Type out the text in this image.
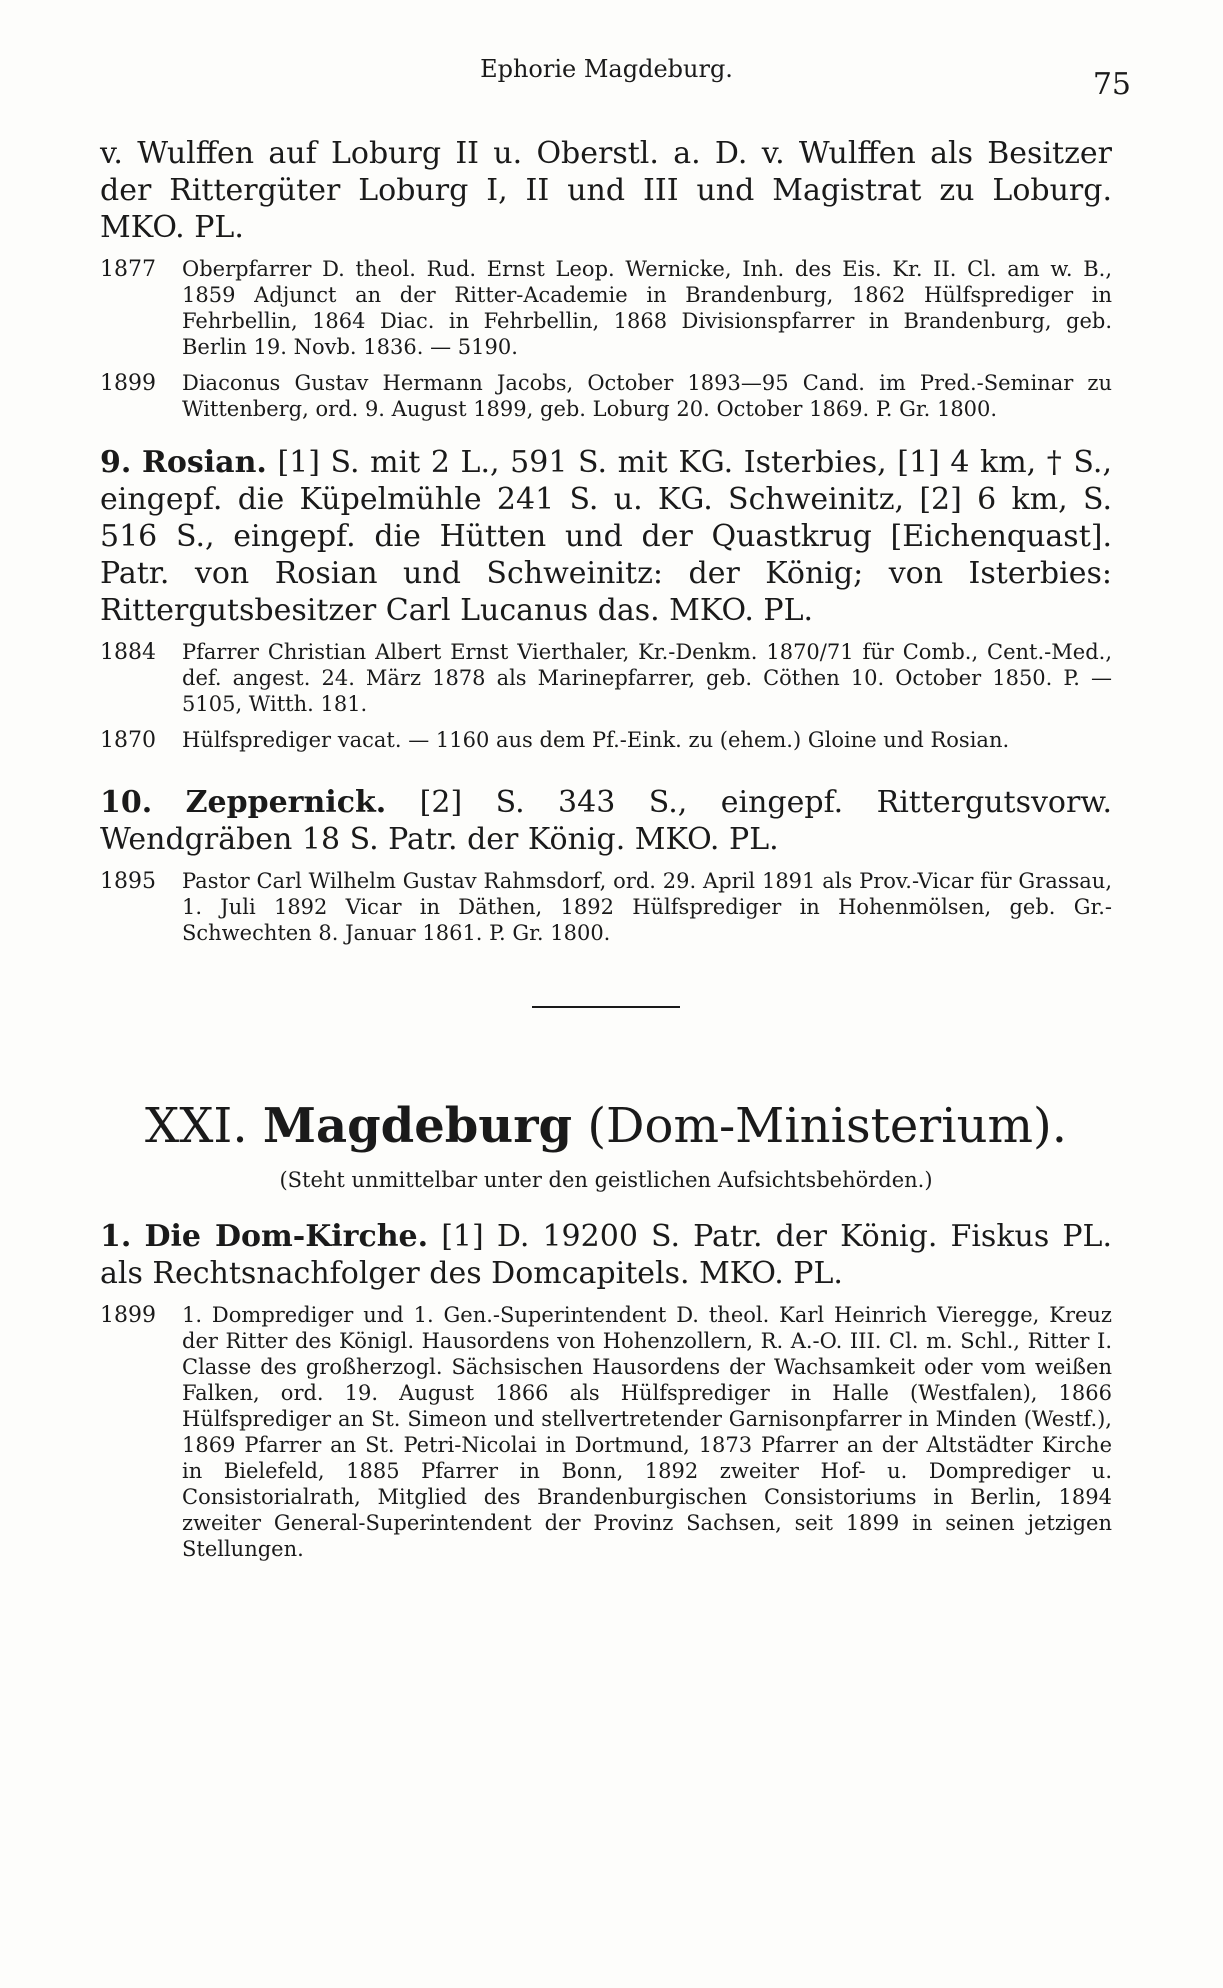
Ephorie Magdeburg.	75

v. Wulffen auf Loburg II u. Oberstl. a. D. v. Wulffen als Besitzer der Rittergüter Loburg I, II und III und Magistrat zu Loburg. MKO. PL.

1877	Oberpfarrer D. theol. Rud. Ernst Leop. Wernicke, Inh. des Eis. Kr. II. Cl. am w. B., 1859 Adjunct an der Ritter-Academie in Brandenburg, 1862 Hülfsprediger in Fehrbellin, 1864 Diac. in Fehrbellin, 1868 Divisionspfarrer in Brandenburg, geb. Berlin 19. Novb. 1836. — 5190.
1899	Diaconus Gustav Hermann Jacobs, October 1893—95 Cand. im Pred.-Seminar zu Wittenberg, ord. 9. August 1899, geb. Loburg 20. October 1869. P. Gr. 1800.

9. Rosian. [1] S. mit 2 L., 591 S. mit KG. Isterbies, [1] 4 km, † S., eingepf. die Küpelmühle 241 S. u. KG. Schweinitz, [2] 6 km, S. 516 S., eingepf. die Hütten und der Quastkrug [Eichenquast]. Patr. von Rosian und Schweinitz: der König; von Isterbies: Rittergutsbesitzer Carl Lucanus das. MKO. PL.

1884	Pfarrer Christian Albert Ernst Vierthaler, Kr.-Denkm. 1870/71 für Comb., Cent.-Med., def. angest. 24. März 1878 als Marinepfarrer, geb. Cöthen 10. October 1850. P. — 5105, Witth. 181.
1870	Hülfsprediger vacat. — 1160 aus dem Pf.-Eink. zu (ehem.) Gloine und Rosian.

10. Zeppernick. [2] S. 343 S., eingepf. Rittergutsvorw. Wendgräben 18 S. Patr. der König. MKO. PL.

1895	Pastor Carl Wilhelm Gustav Rahmsdorf, ord. 29. April 1891 als Prov.-Vicar für Grassau, 1. Juli 1892 Vicar in Däthen, 1892 Hülfsprediger in Hohenmölsen, geb. Gr.-Schwechten 8. Januar 1861. P. Gr. 1800.
XXI. Magdeburg (Dom-Ministerium).
(Steht unmittelbar unter den geistlichen Aufsichtsbehörden.)

1. Die Dom-Kirche. [1] D. 19200 S. Patr. der König. Fiskus PL. als Rechtsnachfolger des Domcapitels. MKO. PL.

1899	1. Domprediger und 1. Gen.-Superintendent D. theol. Karl Heinrich Vieregge, Kreuz der Ritter des Königl. Hausordens von Hohenzollern, R. A.-O. III. Cl. m. Schl., Ritter I. Classe des großherzogl. Sächsischen Hausordens der Wachsamkeit oder vom weißen Falken, ord. 19. August 1866 als Hülfsprediger in Halle (Westfalen), 1866 Hülfsprediger an St. Simeon und stellvertretender Garnisonpfarrer in Minden (Westf.), 1869 Pfarrer an St. Petri-Nicolai in Dortmund, 1873 Pfarrer an der Altstädter Kirche in Bielefeld, 1885 Pfarrer in Bonn, 1892 zweiter Hof- u. Domprediger u. Consistorialrath, Mitglied des Brandenburgischen Consistoriums in Berlin, 1894 zweiter General-Superintendent der Provinz Sachsen, seit 1899 in seinen jetzigen Stellungen.
